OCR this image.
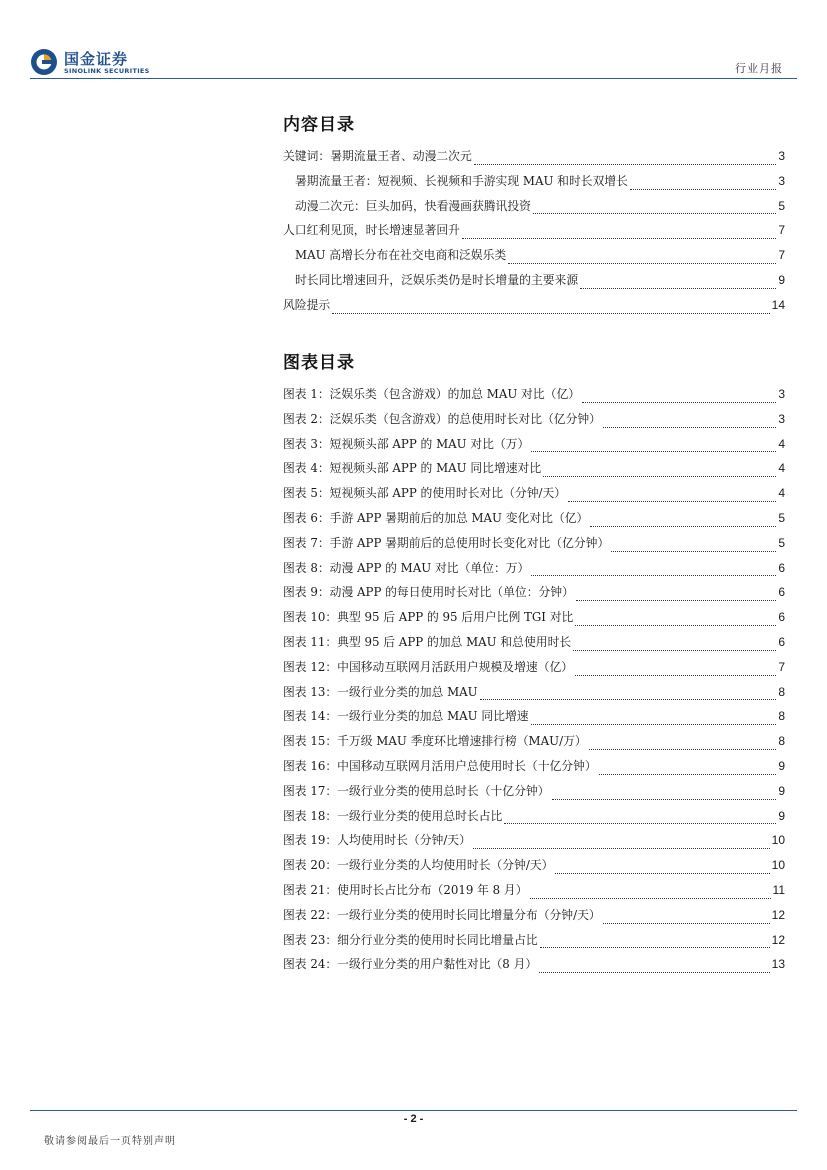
国金证券
SINOLINK SECURITIES	行业月报
内容目录
关键词：暑期流量王者、动漫二次元	3
暑期流量王者：短视频、长视频和手游实现 MAU 和时长双增长	3
动漫二次元：巨头加码，快看漫画获腾讯投资	5
人口红利见顶，时长增速显著回升	7
MAU 高增长分布在社交电商和泛娱乐类	7
时长同比增速回升，泛娱乐类仍是时长增量的主要来源	9
风险提示	14
图表目录
图表 1：泛娱乐类（包含游戏）的加总 MAU 对比（亿）	3
图表 2：泛娱乐类（包含游戏）的总使用时长对比（亿分钟）	3
图表 3：短视频头部 APP 的 MAU 对比（万）	4
图表 4：短视频头部 APP 的 MAU 同比增速对比	4
图表 5：短视频头部 APP 的使用时长对比（分钟/天）	4
图表 6：手游 APP 暑期前后的加总 MAU 变化对比（亿）	5
图表 7：手游 APP 暑期前后的总使用时长变化对比（亿分钟）	5
图表 8：动漫 APP 的 MAU 对比（单位：万）	6
图表 9：动漫 APP 的每日使用时长对比（单位：分钟）	6
图表 10：典型 95 后 APP 的 95 后用户比例 TGI 对比	6
图表 11：典型 95 后 APP 的加总 MAU 和总使用时长	6
图表 12：中国移动互联网月活跃用户规模及增速（亿）	7
图表 13：一级行业分类的加总 MAU	8
图表 14：一级行业分类的加总 MAU 同比增速	8
图表 15：千万级 MAU 季度环比增速排行榜（MAU/万）	8
图表 16：中国移动互联网月活用户总使用时长（十亿分钟）	9
图表 17：一级行业分类的使用总时长（十亿分钟）	9
图表 18：一级行业分类的使用总时长占比	9
图表 19：人均使用时长（分钟/天）	10
图表 20：一级行业分类的人均使用时长（分钟/天）	10
图表 21：使用时长占比分布（2019 年 8 月）	11
图表 22：一级行业分类的使用时长同比增量分布（分钟/天）	12
图表 23：细分行业分类的使用时长同比增量占比	12
图表 24：一级行业分类的用户黏性对比（8 月）	13
- 2 -
敬请参阅最后一页特别声明
